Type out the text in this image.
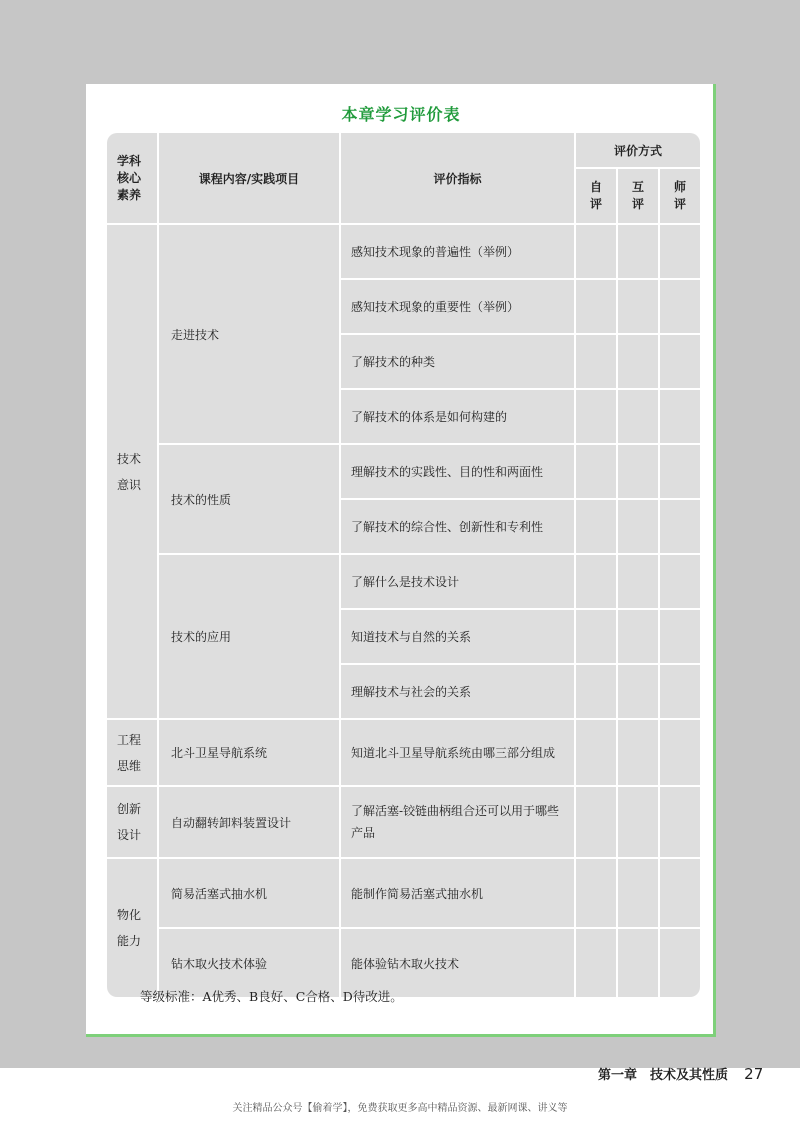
本章学习评价表
学科
核心
素养
课程内容/实践项目	评价指标
评价方式
自
评
互
评
师
评
技术
意识
工程
思维
创新
设计
物化
能力
走进技术
技术的性质
技术的应用
北斗卫星导航系统
自动翻转卸料装置设计
简易活塞式抽水机
钻木取火技术体验
感知技术现象的普遍性（举例）
感知技术现象的重要性（举例）
了解技术的种类
了解技术的体系是如何构建的
理解技术的实践性、目的性和两面性
了解技术的综合性、创新性和专利性
了解什么是技术设计
知道技术与自然的关系
理解技术与社会的关系
知道北斗卫星导航系统由哪三部分组成
了解活塞-铰链曲柄组合还可以用于哪些产品
能制作简易活塞式抽水机
能体验钻木取火技术
等级标准：A优秀、B良好、C合格、D待改进。
第一章　技术及其性质 27
关注精品公众号【偷着学】，免费获取更多高中精品资源、最新网课、讲义等
